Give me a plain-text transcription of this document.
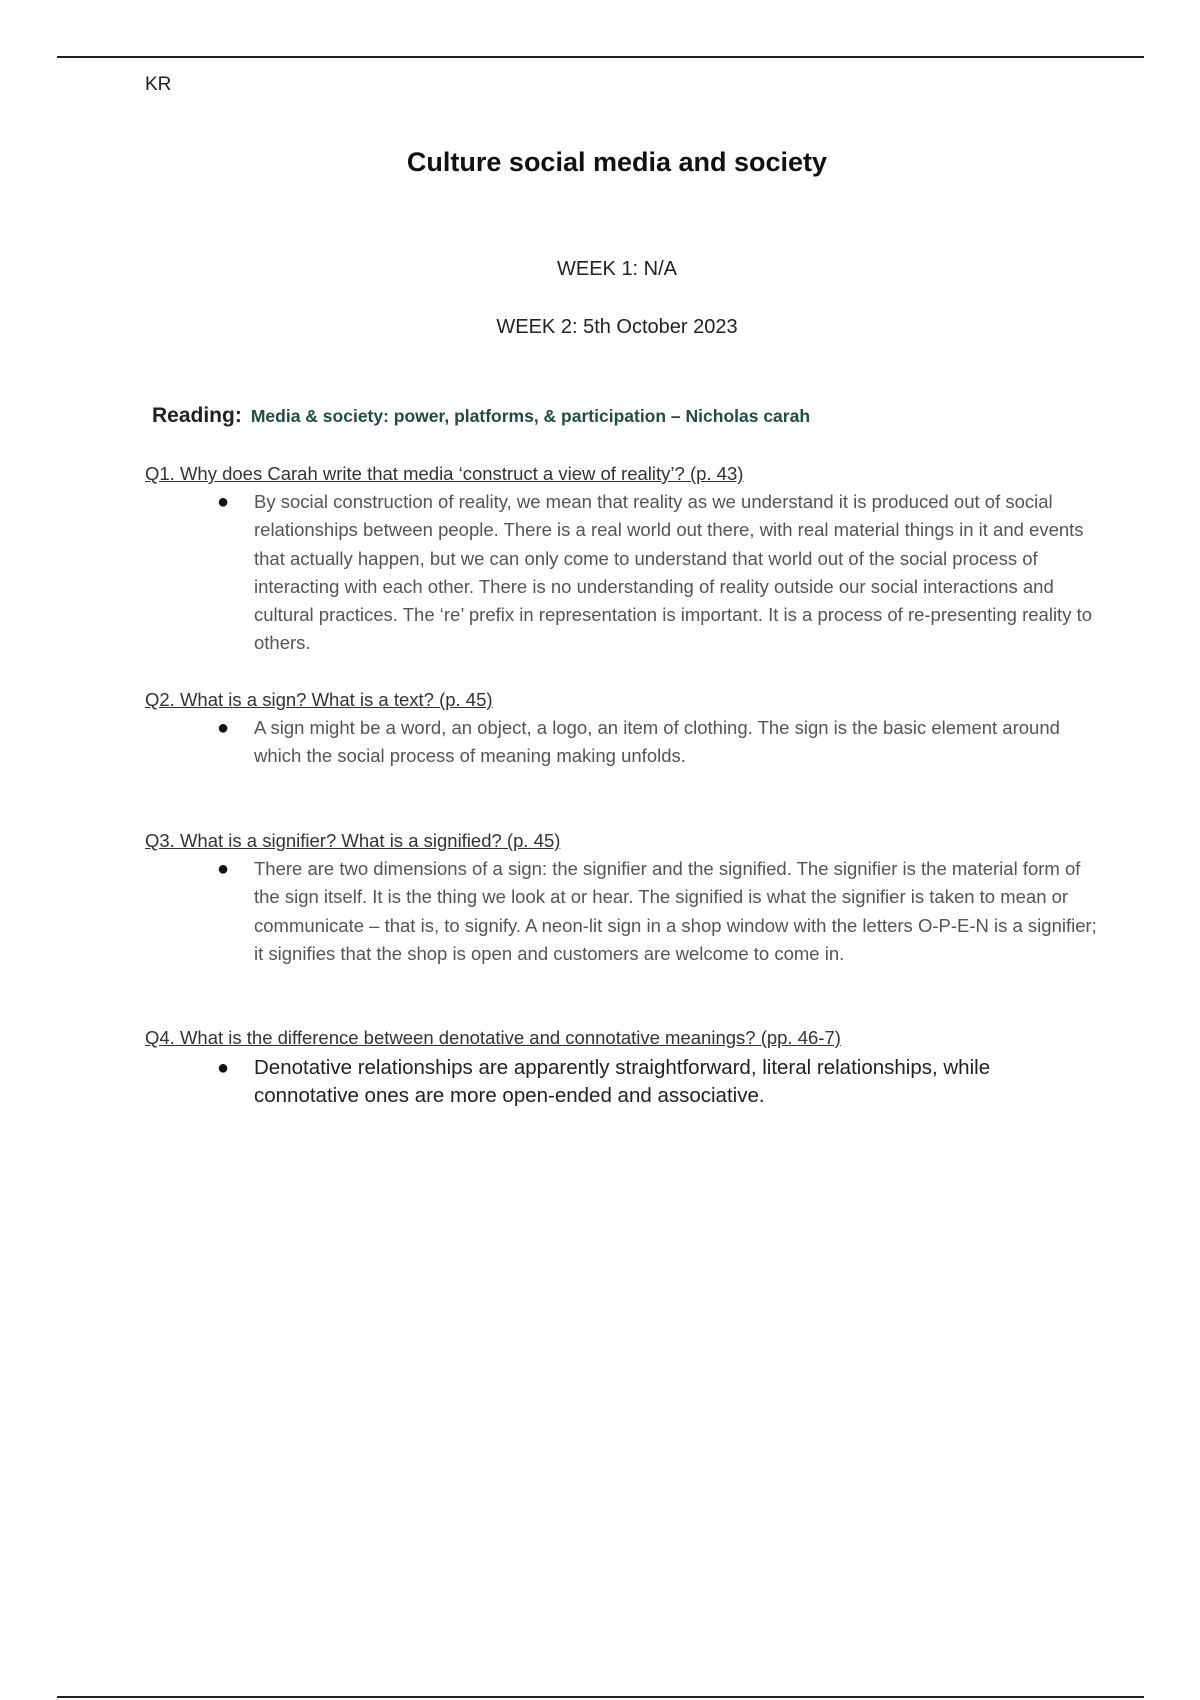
KR
Culture social media and society
WEEK 1: N/A
WEEK 2: 5th October 2023
Reading: Media & society: power, platforms, & participation – Nicholas carah
Q1. Why does Carah write that media ‘construct a view of reality’? (p. 43)
● By social construction of reality, we mean that reality as we understand it is produced out of social relationships between people. There is a real world out there, with real material things in it and events that actually happen, but we can only come to understand that world out of the social process of interacting with each other. There is no understanding of reality outside our social interactions and cultural practices. The ‘re’ prefix in representation is important. It is a process of re-presenting reality to others.
Q2. What is a sign? What is a text? (p. 45)
● A sign might be a word, an object, a logo, an item of clothing. The sign is the basic element around which the social process of meaning making unfolds.
Q3. What is a signifier? What is a signified? (p. 45)
● There are two dimensions of a sign: the signifier and the signified. The signifier is the material form of the sign itself. It is the thing we look at or hear. The signified is what the signifier is taken to mean or communicate – that is, to signify. A neon-lit sign in a shop window with the letters O-P-E-N is a signifier; it signifies that the shop is open and customers are welcome to come in.
Q4. What is the difference between denotative and connotative meanings? (pp. 46-7)
● Denotative relationships are apparently straightforward, literal relationships, while connotative ones are more open-ended and associative.
